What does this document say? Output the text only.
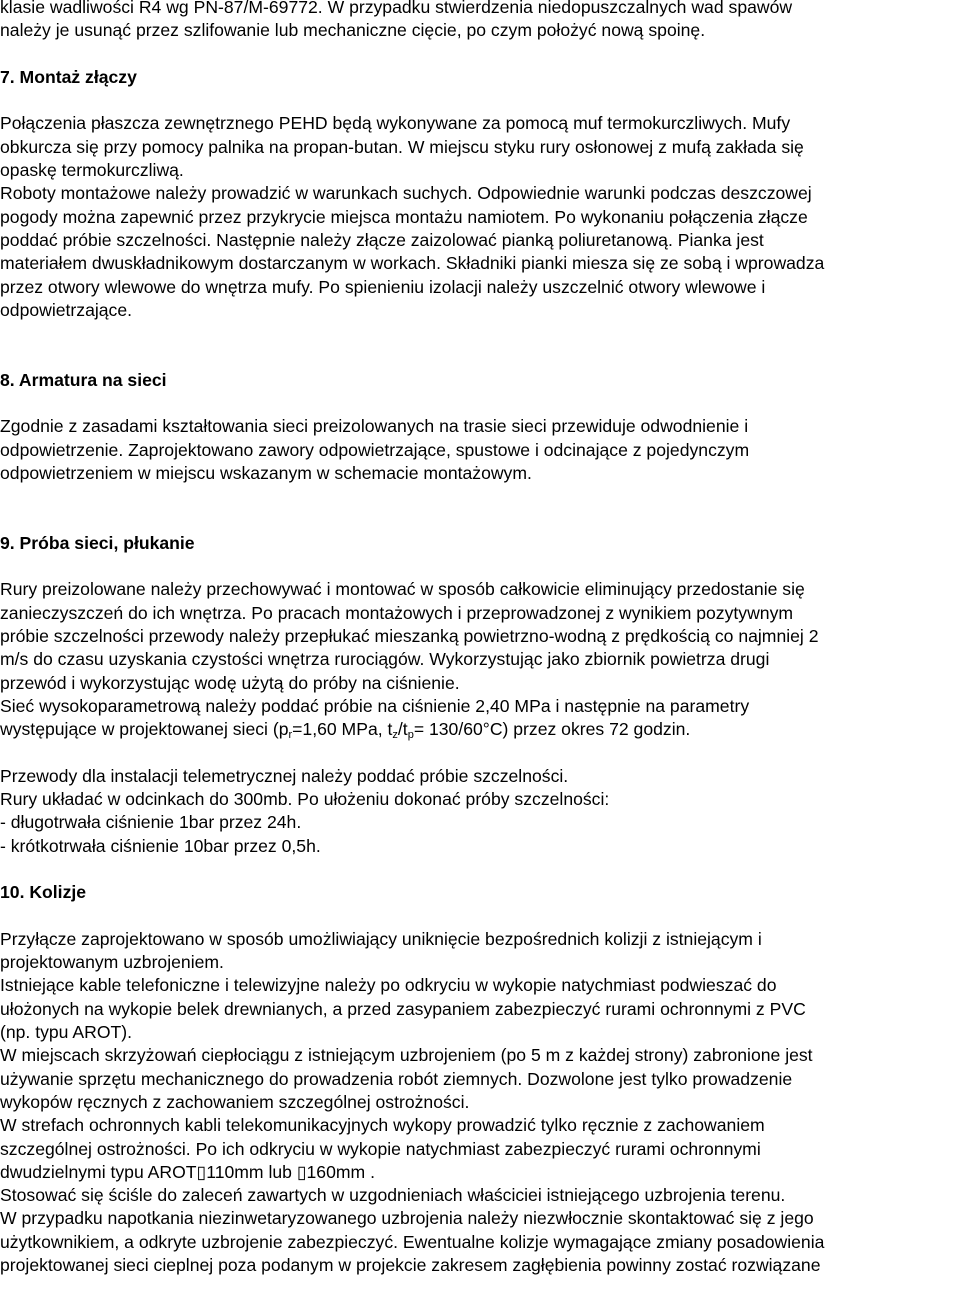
klasie wadliwości R4 wg PN-87/M-69772. W przypadku stwierdzenia niedopuszczalnych wad spawów
należy je usunąć przez szlifowanie lub mechaniczne cięcie, po czym położyć nową spoinę.
7. Montaż złączy
Połączenia płaszcza zewnętrznego PEHD będą wykonywane za pomocą muf termokurczliwych. Mufy
obkurcza się przy pomocy palnika na propan-butan. W miejscu styku rury osłonowej z mufą zakłada się
opaskę termokurczliwą.
Roboty montażowe należy prowadzić w warunkach suchych. Odpowiednie warunki podczas deszczowej
pogody można zapewnić przez przykrycie miejsca montażu namiotem. Po wykonaniu połączenia złącze
poddać próbie szczelności. Następnie należy złącze zaizolować pianką poliuretanową. Pianka jest
materiałem dwuskładnikowym dostarczanym w workach. Składniki pianki miesza się ze sobą i wprowadza
przez otwory wlewowe do wnętrza mufy. Po spienieniu izolacji należy uszczelnić otwory wlewowe i
odpowietrzające.
8. Armatura na sieci
Zgodnie z zasadami kształtowania sieci preizolowanych na trasie sieci przewiduje odwodnienie i
odpowietrzenie. Zaprojektowano zawory odpowietrzające, spustowe i odcinające z pojedynczym
odpowietrzeniem w miejscu wskazanym w schemacie montażowym.
9. Próba sieci, płukanie
Rury preizolowane należy przechowywać i montować w sposób całkowicie eliminujący przedostanie się
zanieczyszczeń do ich wnętrza. Po pracach montażowych i przeprowadzonej z wynikiem pozytywnym
próbie szczelności przewody należy przepłukać mieszanką powietrzno-wodną z prędkością co najmniej 2
m/s do czasu uzyskania czystości wnętrza rurociągów. Wykorzystując jako zbiornik powietrza drugi
przewód i wykorzystując wodę użytą do próby na ciśnienie.
Sieć wysokoparametrową należy poddać próbie na ciśnienie 2,40 MPa i następnie na parametry
występujące w projektowanej sieci ($p_r=1,60$ MPa, $t_z/t_p= 130/60^\circ C$) przez okres 72 godzin.
Przewody dla instalacji telemetrycznej należy poddać próbie szczelności.
Rury układać w odcinkach do 300mb. Po ułożeniu dokonać próby szczelności:
- długotrwała ciśnienie 1bar przez 24h.
- krótkotrwała ciśnienie 10bar przez 0,5h.
10. Kolizje
Przyłącze zaprojektowano w sposób umożliwiający uniknięcie bezpośrednich kolizji z istniejącym i
projektowanym uzbrojeniem.
Istniejące kable telefoniczne i telewizyjne należy po odkryciu w wykopie natychmiast podwieszać do
ułożonych na wykopie belek drewnianych, a przed zasypaniem zabezpieczyć rurami ochronnymi z PVC
(np. typu AROT).
W miejscach skrzyżowań ciepłociągu z istniejącym uzbrojeniem (po 5 m z każdej strony) zabronione jest
używanie sprzętu mechanicznego do prowadzenia robót ziemnych. Dozwolone jest tylko prowadzenie
wykopów ręcznych z zachowaniem szczególnej ostrożności.
W strefach ochronnych kabli telekomunikacyjnych wykopy prowadzić tylko ręcznie z zachowaniem
szczególnej ostrożności. Po ich odkryciu w wykopie natychmiast zabezpieczyć rurami ochronnymi
dwudzielnymi typu AROT▯110mm lub ▯160mm .
Stosować się ściśle do zaleceń zawartych w uzgodnieniach właściciei istniejącego uzbrojenia terenu.
W przypadku napotkania niezinwetaryzowanego uzbrojenia należy niezwłocznie skontaktować się z jego
użytkownikiem, a odkryte uzbrojenie zabezpieczyć. Ewentualne kolizje wymagające zmiany posadowienia
projektowanej sieci cieplnej poza podanym w projekcie zakresem zagłębienia powinny zostać rozwiązane
